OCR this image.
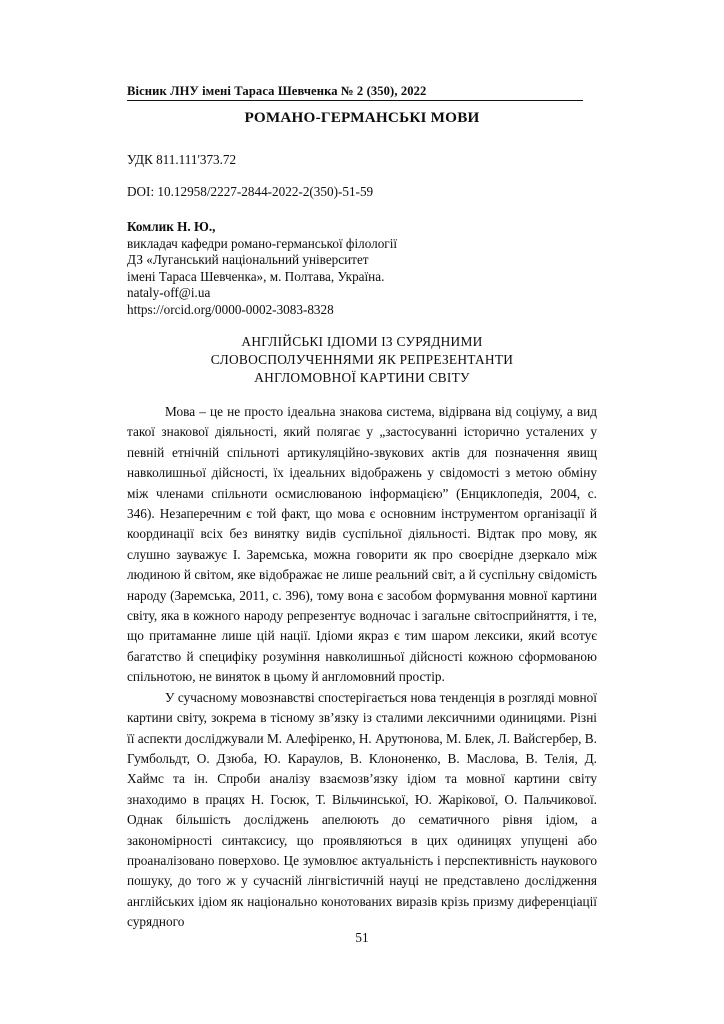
Вісник ЛНУ імені Тараса Шевченка № 2 (350), 2022
РОМАНО-ГЕРМАНСЬКІ МОВИ
УДК 811.111'373.72
DOI: 10.12958/2227-2844-2022-2(350)-51-59
Комлик Н. Ю.,
викладач кафедри романо-германської філології
ДЗ «Луганський національний університет
імені Тараса Шевченка», м. Полтава, Україна.
nataly-off@i.ua
https://orcid.org/0000-0002-3083-8328
АНГЛІЙСЬКІ ІДІОМИ ІЗ СУРЯДНИМИ
СЛОВОСПОЛУЧЕННЯМИ ЯК РЕПРЕЗЕНТАНТИ
АНГЛОМОВНОЇ КАРТИНИ СВІТУ

Мова – це не просто ідеальна знакова система, відірвана від соціуму, а вид такої знакової діяльності, який полягає у „застосуванні історично усталених у певній етнічній спільноті артикуляційно-звукових актів для позначення явищ навколишньої дійсності, їх ідеальних відображень у свідомості з метою обміну між членами спільноти осмислюваною інформацією” (Енциклопедія, 2004, с. 346). Незаперечним є той факт, що мова є основним інструментом організації й координації всіх без винятку видів суспільної діяльності. Відтак про мову, як слушно зауважує І. Заремська, можна говорити як про своєрідне дзеркало між людиною й світом, яке відображає не лише реальний світ, а й суспільну свідомість народу (Заремська, 2011, с. 396), тому вона є засобом формування мовної картини світу, яка в кожного народу репрезентує водночас і загальне світосприйняття, і те, що притаманне лише цій нації. Ідіоми якраз є тим шаром лексики, який всотує багатство й специфіку розуміння навколишньої дійсності кожною сформованою спільнотою, не виняток в цьому й англомовний простір.

У сучасному мовознавстві спостерігається нова тенденція в розгляді мовної картини світу, зокрема в тісному зв’язку із сталими лексичними одиницями. Різні її аспекти досліджували М. Алефіренко, Н. Арутюнова, М. Блек, Л. Вайсгербер, В. Гумбольдт, О. Дзюба, Ю. Караулов, В. Клононенко, В. Маслова, В. Телія, Д. Хаймс та ін. Спроби аналізу взаємозв’язку ідіом та мовної картини світу знаходимо в працях Н. Госюк, Т. Вільчинської, Ю. Жарікової, О. Пальчикової. Однак більшість досліджень апелюють до сематичного рівня ідіом, а закономірності синтаксису, що проявляються в цих одиницях упущені або проаналізовано поверхово. Це зумовлює актуальність і перспективність наукового пошуку, до того ж у сучасній лінгвістичній науці не представлено дослідження англійських ідіом як національно конотованих виразів крізь призму диференціації сурядного

51
